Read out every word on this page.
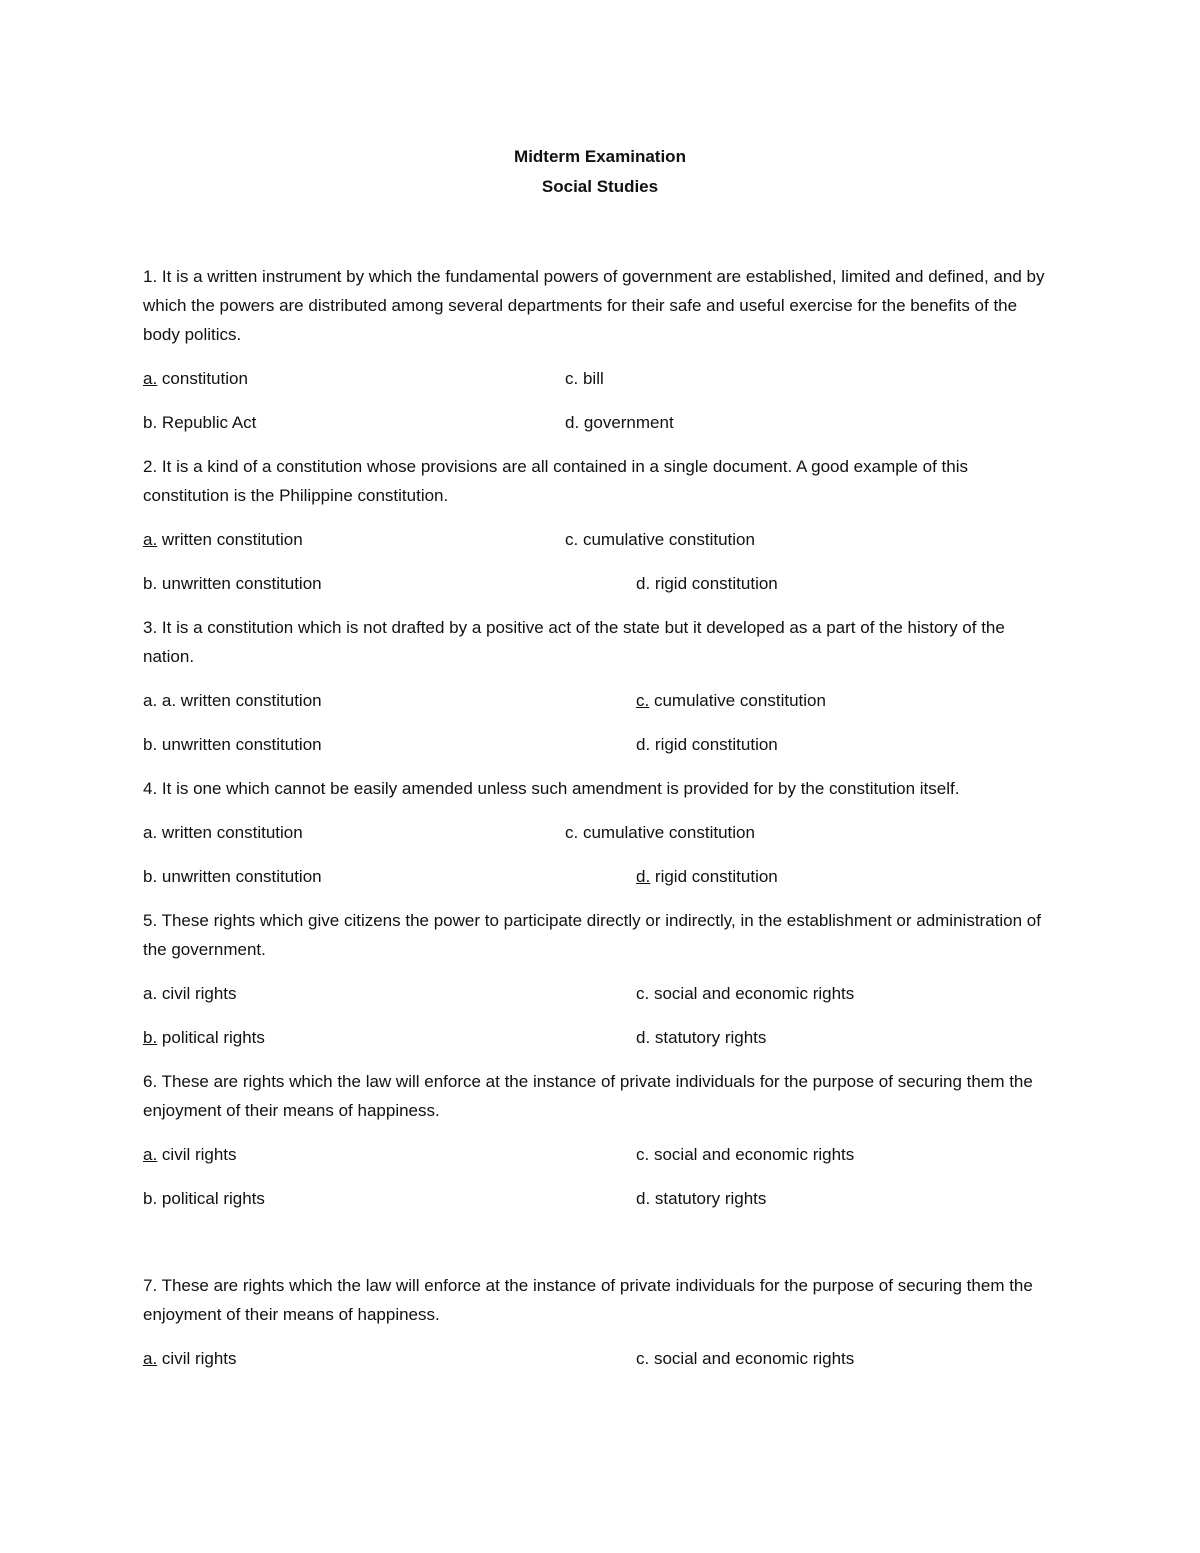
Midterm Examination
Social Studies

1. It is a written instrument by which the fundamental powers of government are established, limited and defined, and by which the powers are distributed among several departments for their safe and useful exercise for the benefits of the body politics.

a. constitution	c. bill
b. Republic Act	d. government

2. It is a kind of a constitution whose provisions are all contained in a single document. A good example of this constitution is the Philippine constitution.

a. written constitution	c. cumulative constitution
b. unwritten constitution	d. rigid constitution

3. It is a constitution which is not drafted by a positive act of the state but it developed as a part of the history of the nation.

a. a. written constitution	c. cumulative constitution
b. unwritten constitution	d. rigid constitution

4. It is one which cannot be easily amended unless such amendment is provided for by the constitution itself.

a. written constitution	c. cumulative constitution
b. unwritten constitution	d. rigid constitution

5. These rights which give citizens the power to participate directly or indirectly, in the establishment or administration of the government.

a. civil rights	c. social and economic rights
b. political rights	d. statutory rights

6. These are rights which the law will enforce at the instance of private individuals for the purpose of securing them the enjoyment of their means of happiness.

a. civil rights	c. social and economic rights
b. political rights	d. statutory rights

7. These are rights which the law will enforce at the instance of private individuals for the purpose of securing them the enjoyment of their means of happiness.

a. civil rights	c. social and economic rights
